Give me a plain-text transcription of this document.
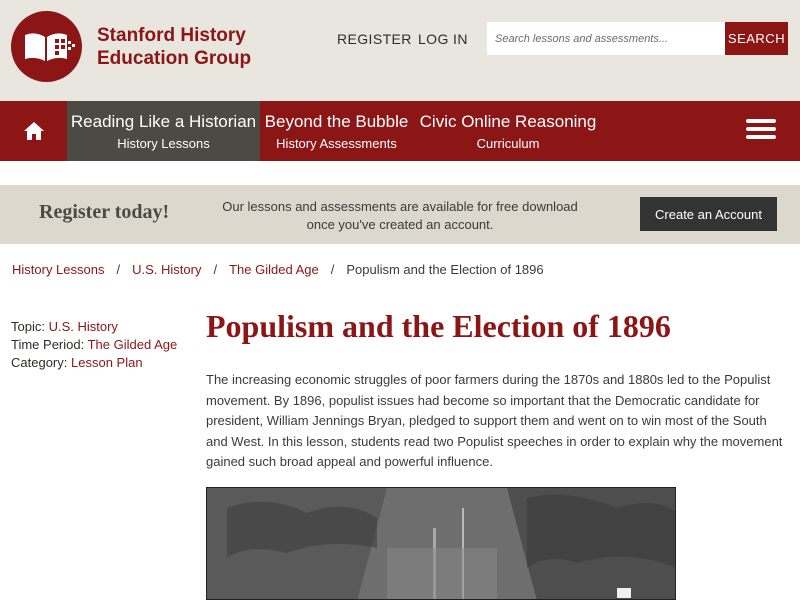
Stanford History
Education Group
REGISTER LOG IN
Search lessons and assessments...	SEARCH
Reading Like a Historian
History Lessons
Beyond the Bubble
History Assessments
Civic Online Reasoning
Curriculum
Register today!	Our lessons and assessments are available for free download once you've created an account.
Create an Account
History Lessons / U.S. History / The Gilded Age / Populism and the Election of 1896
Topic: U.S. History
Time Period: The Gilded Age
Category: Lesson Plan
Populism and the Election of 1896

The increasing economic struggles of poor farmers during the 1870s and 1880s led to the Populist movement. By 1896, populist issues had become so important that the Democratic candidate for president, William Jennings Bryan, pledged to support them and went on to win most of the South and West. In this lesson, students read two Populist speeches in order to explain why the movement gained such broad appeal and powerful influence.
